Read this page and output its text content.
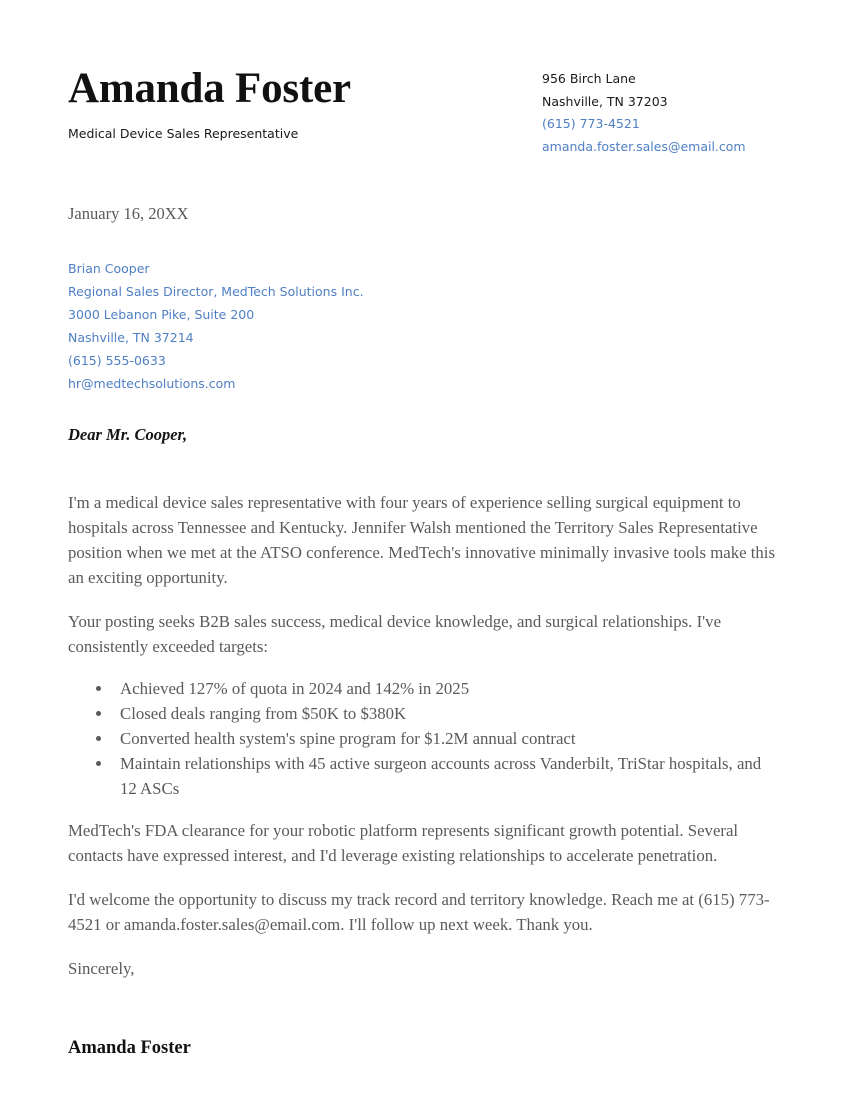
Amanda Foster
Medical Device Sales Representative
956 Birch Lane
Nashville, TN 37203
(615) 773-4521
amanda.foster.sales@email.com
January 16, 20XX
Brian Cooper
Regional Sales Director, MedTech Solutions Inc.
3000 Lebanon Pike, Suite 200
Nashville, TN 37214
(615) 555-0633
hr@medtechsolutions.com
Dear Mr. Cooper,

I'm a medical device sales representative with four years of experience selling surgical equipment to hospitals across Tennessee and Kentucky. Jennifer Walsh mentioned the Territory Sales Representative position when we met at the ATSO conference. MedTech's innovative minimally invasive tools make this an exciting opportunity.

Your posting seeks B2B sales success, medical device knowledge, and surgical relationships. I've consistently exceeded targets:

Achieved 127% of quota in 2024 and 142% in 2025
Closed deals ranging from $50K to $380K
Converted health system's spine program for $1.2M annual contract
Maintain relationships with 45 active surgeon accounts across Vanderbilt, TriStar hospitals, and 12 ASCs

MedTech's FDA clearance for your robotic platform represents significant growth potential. Several contacts have expressed interest, and I'd leverage existing relationships to accelerate penetration.

I'd welcome the opportunity to discuss my track record and territory knowledge. Reach me at (615) 773-4521 or amanda.foster.sales@email.com. I'll follow up next week. Thank you.

Sincerely,

Amanda Foster
